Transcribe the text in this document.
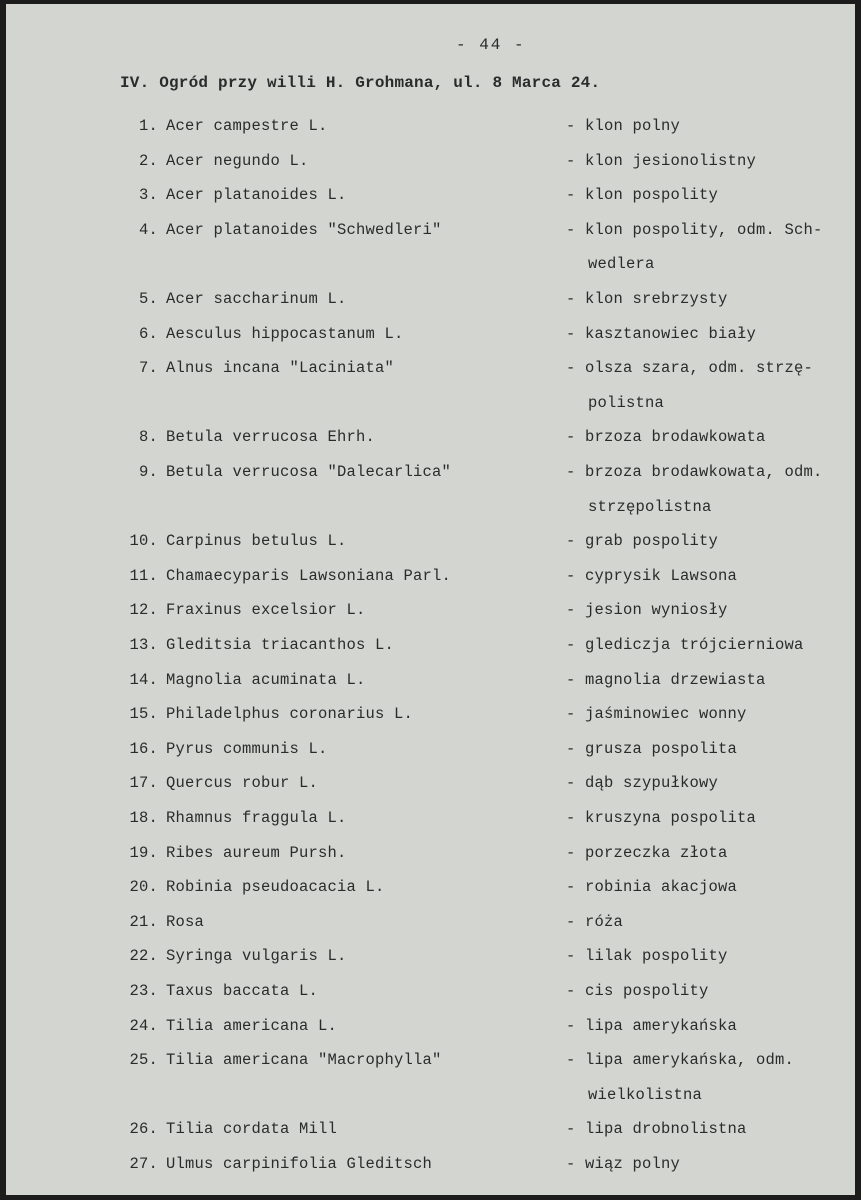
- 44 -
IV. Ogród przy willi H. Grohmana, ul. 8 Marca 24.
1. Acer campestre L.	- klon polny
2. Acer negundo L.	- klon jesionolistny
3. Acer platanoides L.	- klon pospolity
4. Acer platanoides "Schwedleri"	- klon pospolity, odm. Sch-
wedlera
5. Acer saccharinum L.	- klon srebrzysty
6. Aesculus hippocastanum L.	- kasztanowiec biały
7. Alnus incana "Laciniata"	- olsza szara, odm. strzę-
polistna
8. Betula verrucosa Ehrh.	- brzoza brodawkowata
9. Betula verrucosa "Dalecarlica"	- brzoza brodawkowata, odm.
strzępolistna
10. Carpinus betulus L.	- grab pospolity
11. Chamaecyparis Lawsoniana Parl.	- cyprysik Lawsona
12. Fraxinus excelsior L.	- jesion wyniosły
13. Gleditsia triacanthos L.	- glediczja trójcierniowa
14. Magnolia acuminata L.	- magnolia drzewiasta
15. Philadelphus coronarius L.	- jaśminowiec wonny
16. Pyrus communis L.	- grusza pospolita
17. Quercus robur L.	- dąb szypułkowy
18. Rhamnus fraggula L.	- kruszyna pospolita
19. Ribes aureum Pursh.	- porzeczka złota
20. Robinia pseudoacacia L.	- robinia akacjowa
21. Rosa	- róża
22. Syringa vulgaris L.	- lilak pospolity
23. Taxus baccata L.	- cis pospolity
24. Tilia americana L.	- lipa amerykańska
25. Tilia americana "Macrophylla"	- lipa amerykańska, odm.
wielkolistna
26. Tilia cordata Mill	- lipa drobnolistna
27. Ulmus carpinifolia Gleditsch	- wiąz polny
